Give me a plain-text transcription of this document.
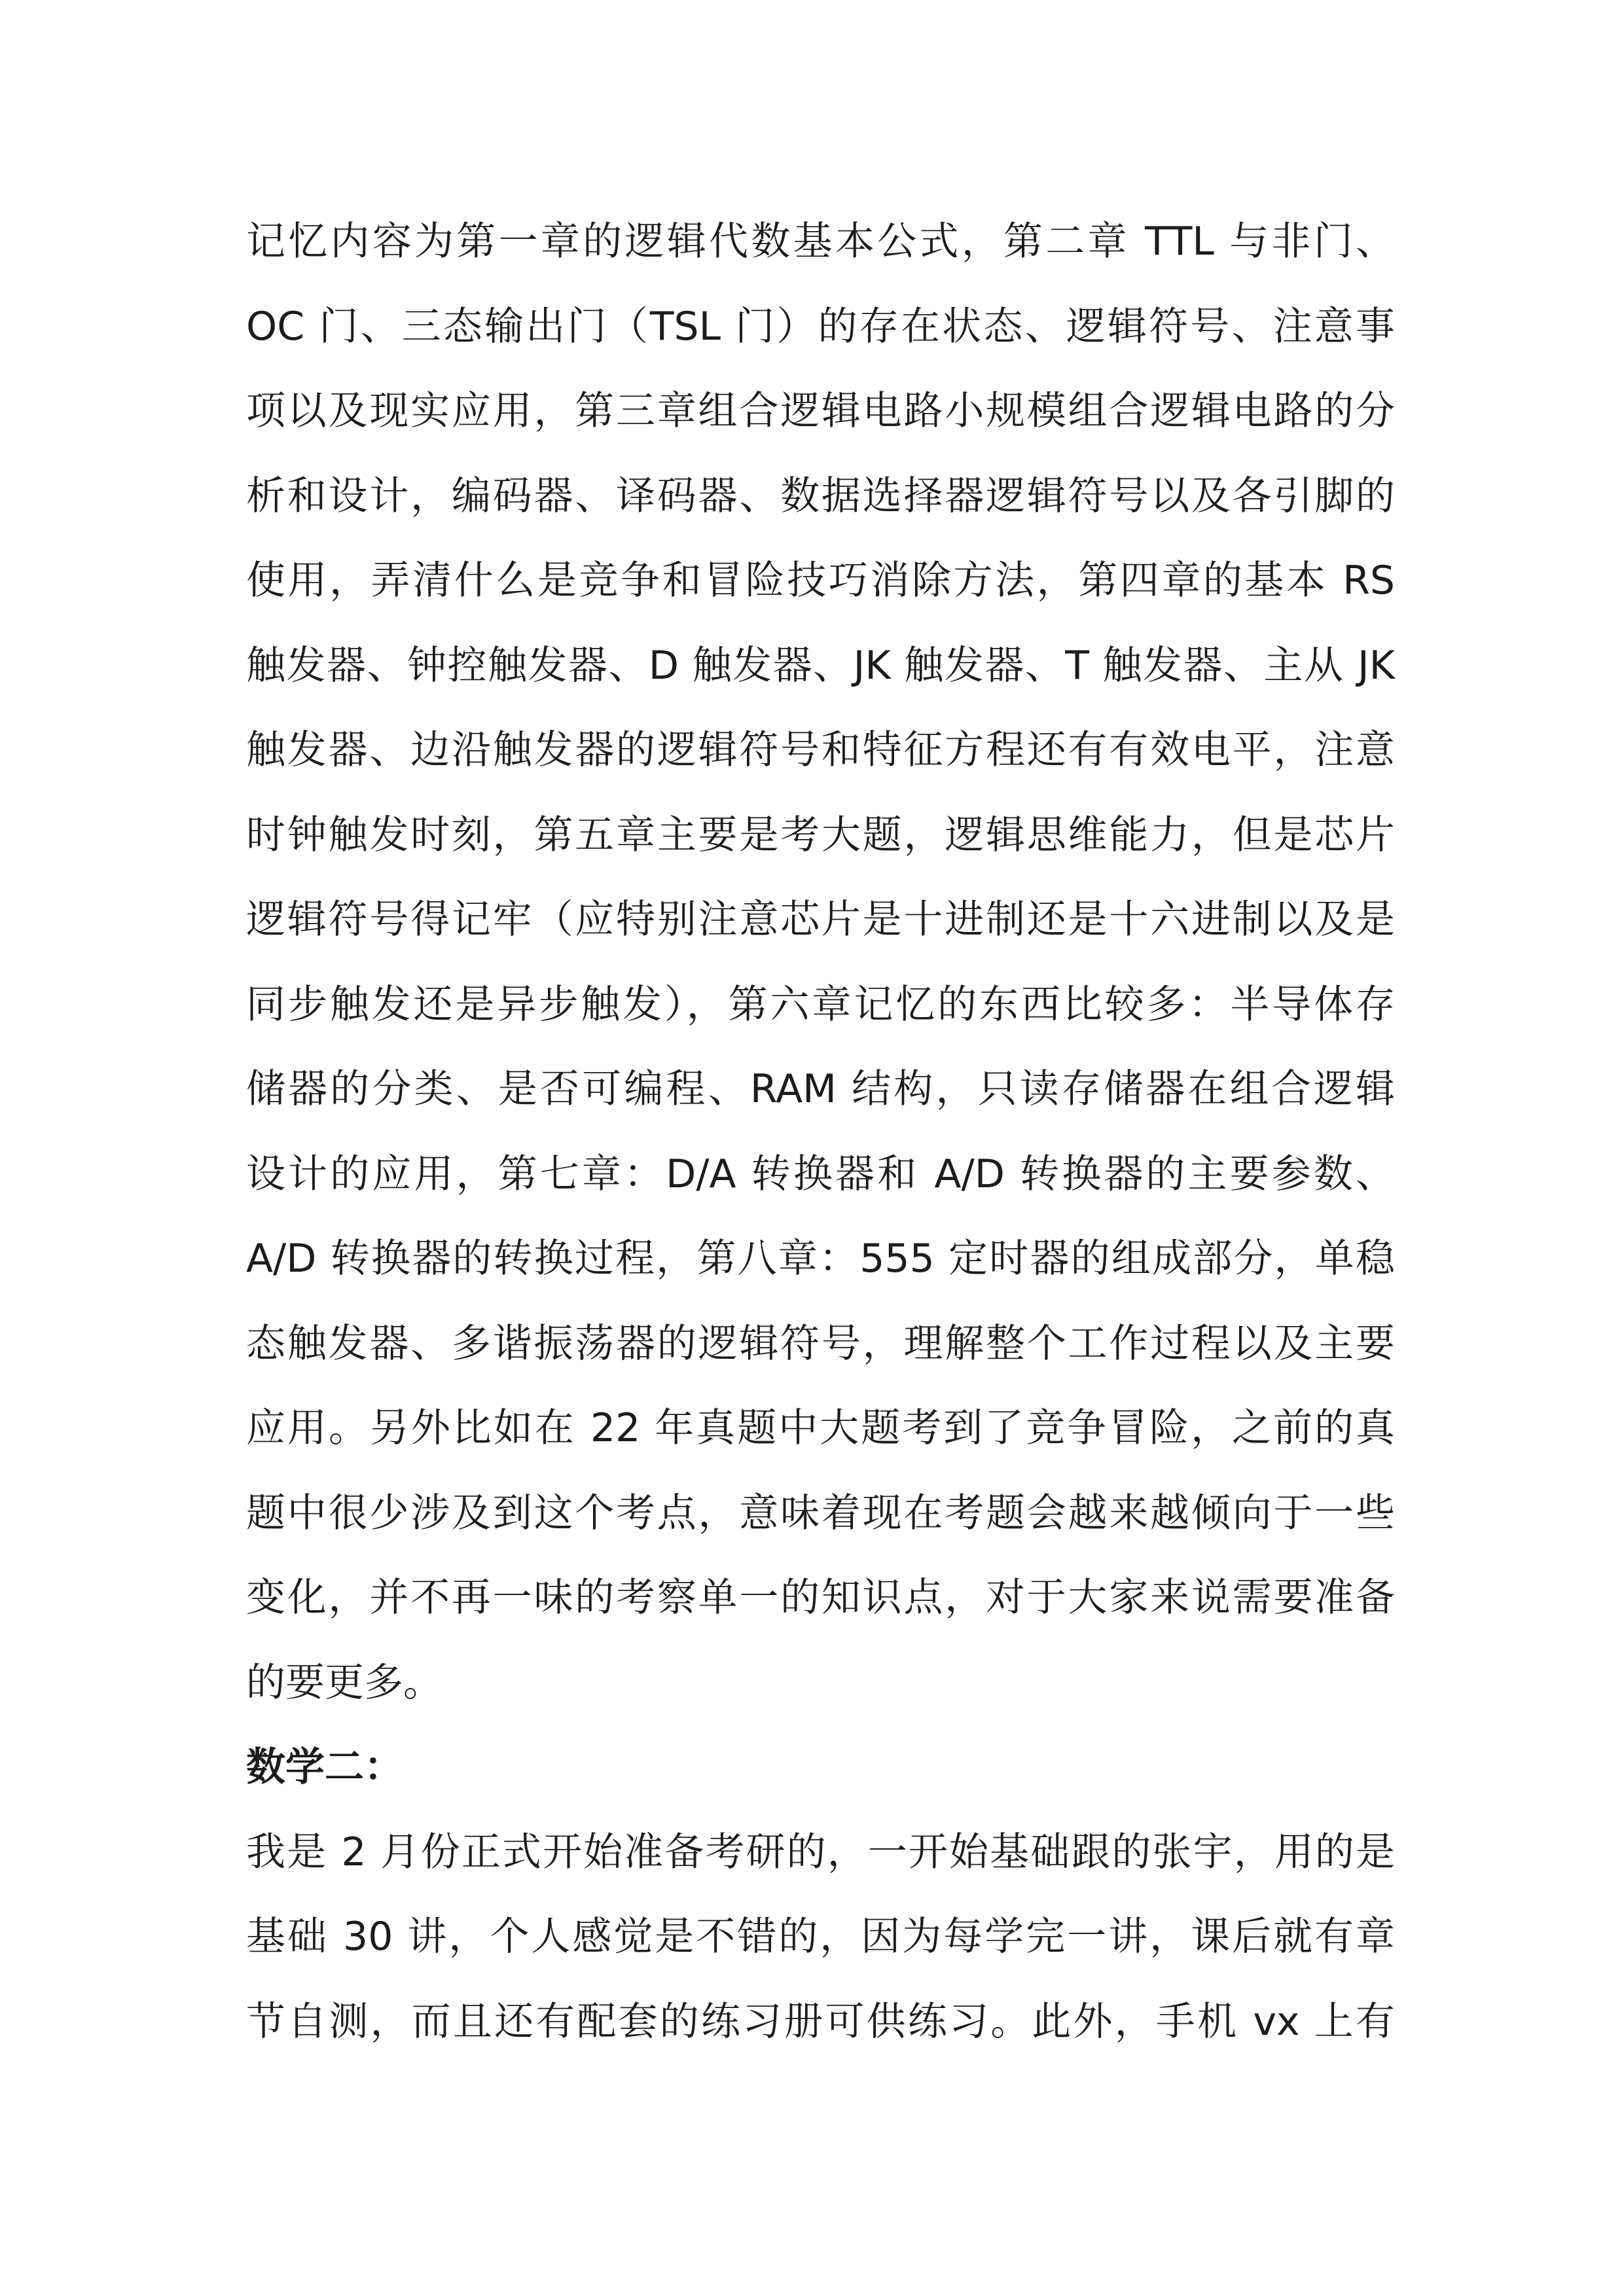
记忆内容为第一章的逻辑代数基本公式，第二章 TTL 与非门、
OC 门、三态输出门（TSL 门）的存在状态、逻辑符号、注意事
项以及现实应用，第三章组合逻辑电路小规模组合逻辑电路的分
析和设计，编码器、译码器、数据选择器逻辑符号以及各引脚的
使用，弄清什么是竞争和冒险技巧消除方法，第四章的基本 RS
触发器、钟控触发器、D 触发器、JK 触发器、T 触发器、主从 JK
触发器、边沿触发器的逻辑符号和特征方程还有有效电平，注意
时钟触发时刻，第五章主要是考大题，逻辑思维能力，但是芯片
逻辑符号得记牢（应特别注意芯片是十进制还是十六进制以及是
同步触发还是异步触发），第六章记忆的东西比较多：半导体存
储器的分类、是否可编程、RAM 结构，只读存储器在组合逻辑
设计的应用，第七章：D/A 转换器和 A/D 转换器的主要参数、
A/D 转换器的转换过程，第八章：555 定时器的组成部分，单稳
态触发器、多谐振荡器的逻辑符号，理解整个工作过程以及主要
应用。另外比如在 22 年真题中大题考到了竞争冒险，之前的真
题中很少涉及到这个考点，意味着现在考题会越来越倾向于一些
变化，并不再一味的考察单一的知识点，对于大家来说需要准备
的要更多。
数学二：
我是 2 月份正式开始准备考研的，一开始基础跟的张宇，用的是
基础 30 讲，个人感觉是不错的，因为每学完一讲，课后就有章
节自测，而且还有配套的练习册可供练习。此外，手机 vx 上有
